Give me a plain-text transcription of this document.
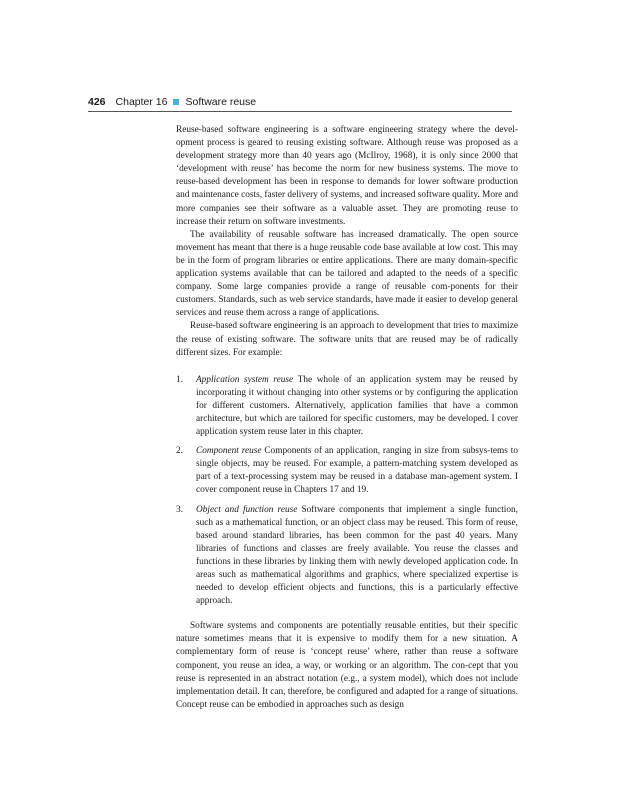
426 Chapter 16 Software reuse

Reuse-based software engineering is a software engineering strategy where the devel-opment process is geared to reusing existing software. Although reuse was proposed as a development strategy more than 40 years ago (McIlroy, 1968), it is only since 2000 that ‘development with reuse’ has become the norm for new business systems. The move to reuse-based development has been in response to demands for lower software production and maintenance costs, faster delivery of systems, and increased software quality. More and more companies see their software as a valuable asset. They are promoting reuse to increase their return on software investments.

The availability of reusable software has increased dramatically. The open source movement has meant that there is a huge reusable code base available at low cost. This may be in the form of program libraries or entire applications. There are many domain-specific application systems available that can be tailored and adapted to the needs of a specific company. Some large companies provide a range of reusable com-ponents for their customers. Standards, such as web service standards, have made it easier to develop general services and reuse them across a range of applications.

Reuse-based software engineering is an approach to development that tries to maximize the reuse of existing software. The software units that are reused may be of radically different sizes. For example:

1. Application system reuse The whole of an application system may be reused by incorporating it without changing into other systems or by configuring the application for different customers. Alternatively, application families that have a common architecture, but which are tailored for specific customers, may be developed. I cover application system reuse later in this chapter.
2. Component reuse Components of an application, ranging in size from subsys-tems to single objects, may be reused. For example, a pattern-matching system developed as part of a text-processing system may be reused in a database man-agement system. I cover component reuse in Chapters 17 and 19.
3. Object and function reuse Software components that implement a single function, such as a mathematical function, or an object class may be reused. This form of reuse, based around standard libraries, has been common for the past 40 years. Many libraries of functions and classes are freely available. You reuse the classes and functions in these libraries by linking them with newly developed application code. In areas such as mathematical algorithms and graphics, where specialized expertise is needed to develop efficient objects and functions, this is a particularly effective approach.

Software systems and components are potentially reusable entities, but their specific nature sometimes means that it is expensive to modify them for a new situation. A complementary form of reuse is ‘concept reuse’ where, rather than reuse a software component, you reuse an idea, a way, or working or an algorithm. The con-cept that you reuse is represented in an abstract notation (e.g., a system model), which does not include implementation detail. It can, therefore, be configured and adapted for a range of situations. Concept reuse can be embodied in approaches such as design
